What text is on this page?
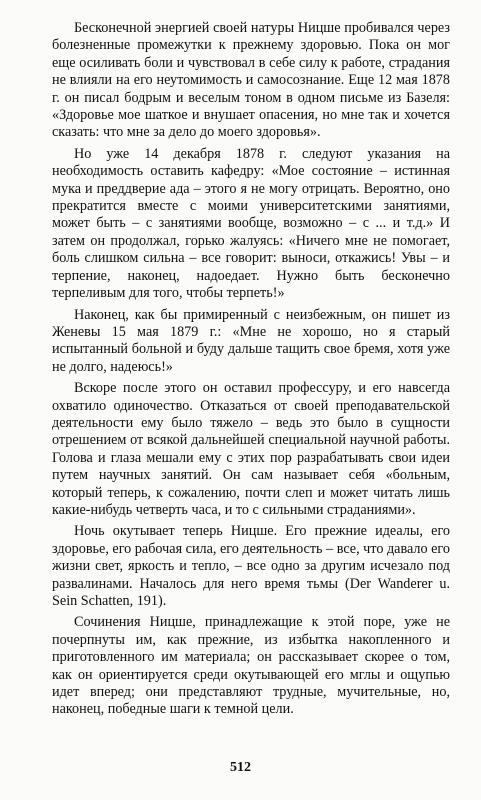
Бесконечной энергией своей натуры Ницше пробивался через болезненные промежутки к прежнему здоровью. Пока он мог еще осиливать боли и чувствовал в себе силу к работе, страдания не влияли на его неутомимость и самосознание. Еще 12 мая 1878 г. он писал бодрым и веселым тоном в одном письме из Базеля: «Здоровье мое шаткое и внушает опасения, но мне так и хочется сказать: что мне за дело до моего здоровья».

Но уже 14 декабря 1878 г. следуют указания на необходимость оставить кафедру: «Мое состояние – истинная мука и преддверие ада – этого я не могу отрицать. Вероятно, оно прекратится вместе с моими университетскими занятиями, может быть – с занятиями вообще, возможно – с ... и т.д.» И затем он продолжал, горько жалуясь: «Ничего мне не помогает, боль слишком сильна – все говорит: выноси, откажись! Увы – и терпение, наконец, надоедает. Нужно быть бесконечно терпеливым для того, чтобы терпеть!»

Наконец, как бы примиренный с неизбежным, он пишет из Женевы 15 мая 1879 г.: «Мне не хорошо, но я старый испытанный больной и буду дальше тащить свое бремя, хотя уже не долго, надеюсь!»

Вскоре после этого он оставил профессуру, и его навсегда охватило одиночество. Отказаться от своей преподавательской деятельности ему было тяжело – ведь это было в сущности отрешением от всякой дальнейшей специальной научной работы. Голова и глаза мешали ему с этих пор разрабатывать свои идеи путем научных занятий. Он сам называет себя «больным, который теперь, к сожалению, почти слеп и может читать лишь какие-нибудь четверть часа, и то с сильными страданиями».

Ночь окутывает теперь Ницше. Его прежние идеалы, его здоровье, его рабочая сила, его деятельность – все, что давало его жизни свет, яркость и тепло, – все одно за другим исчезало под развалинами. Началось для него время тьмы (Der Wanderer u. Sein Schatten, 191).

Сочинения Ницше, принадлежащие к этой поре, уже не почерпнуты им, как прежние, из избытка накопленного и приготовленного им материала; он рассказывает скорее о том, как он ориентируется среди окутывающей его мглы и ощупью идет вперед; они представляют трудные, мучительные, но, наконец, победные шаги к темной цели.

512
